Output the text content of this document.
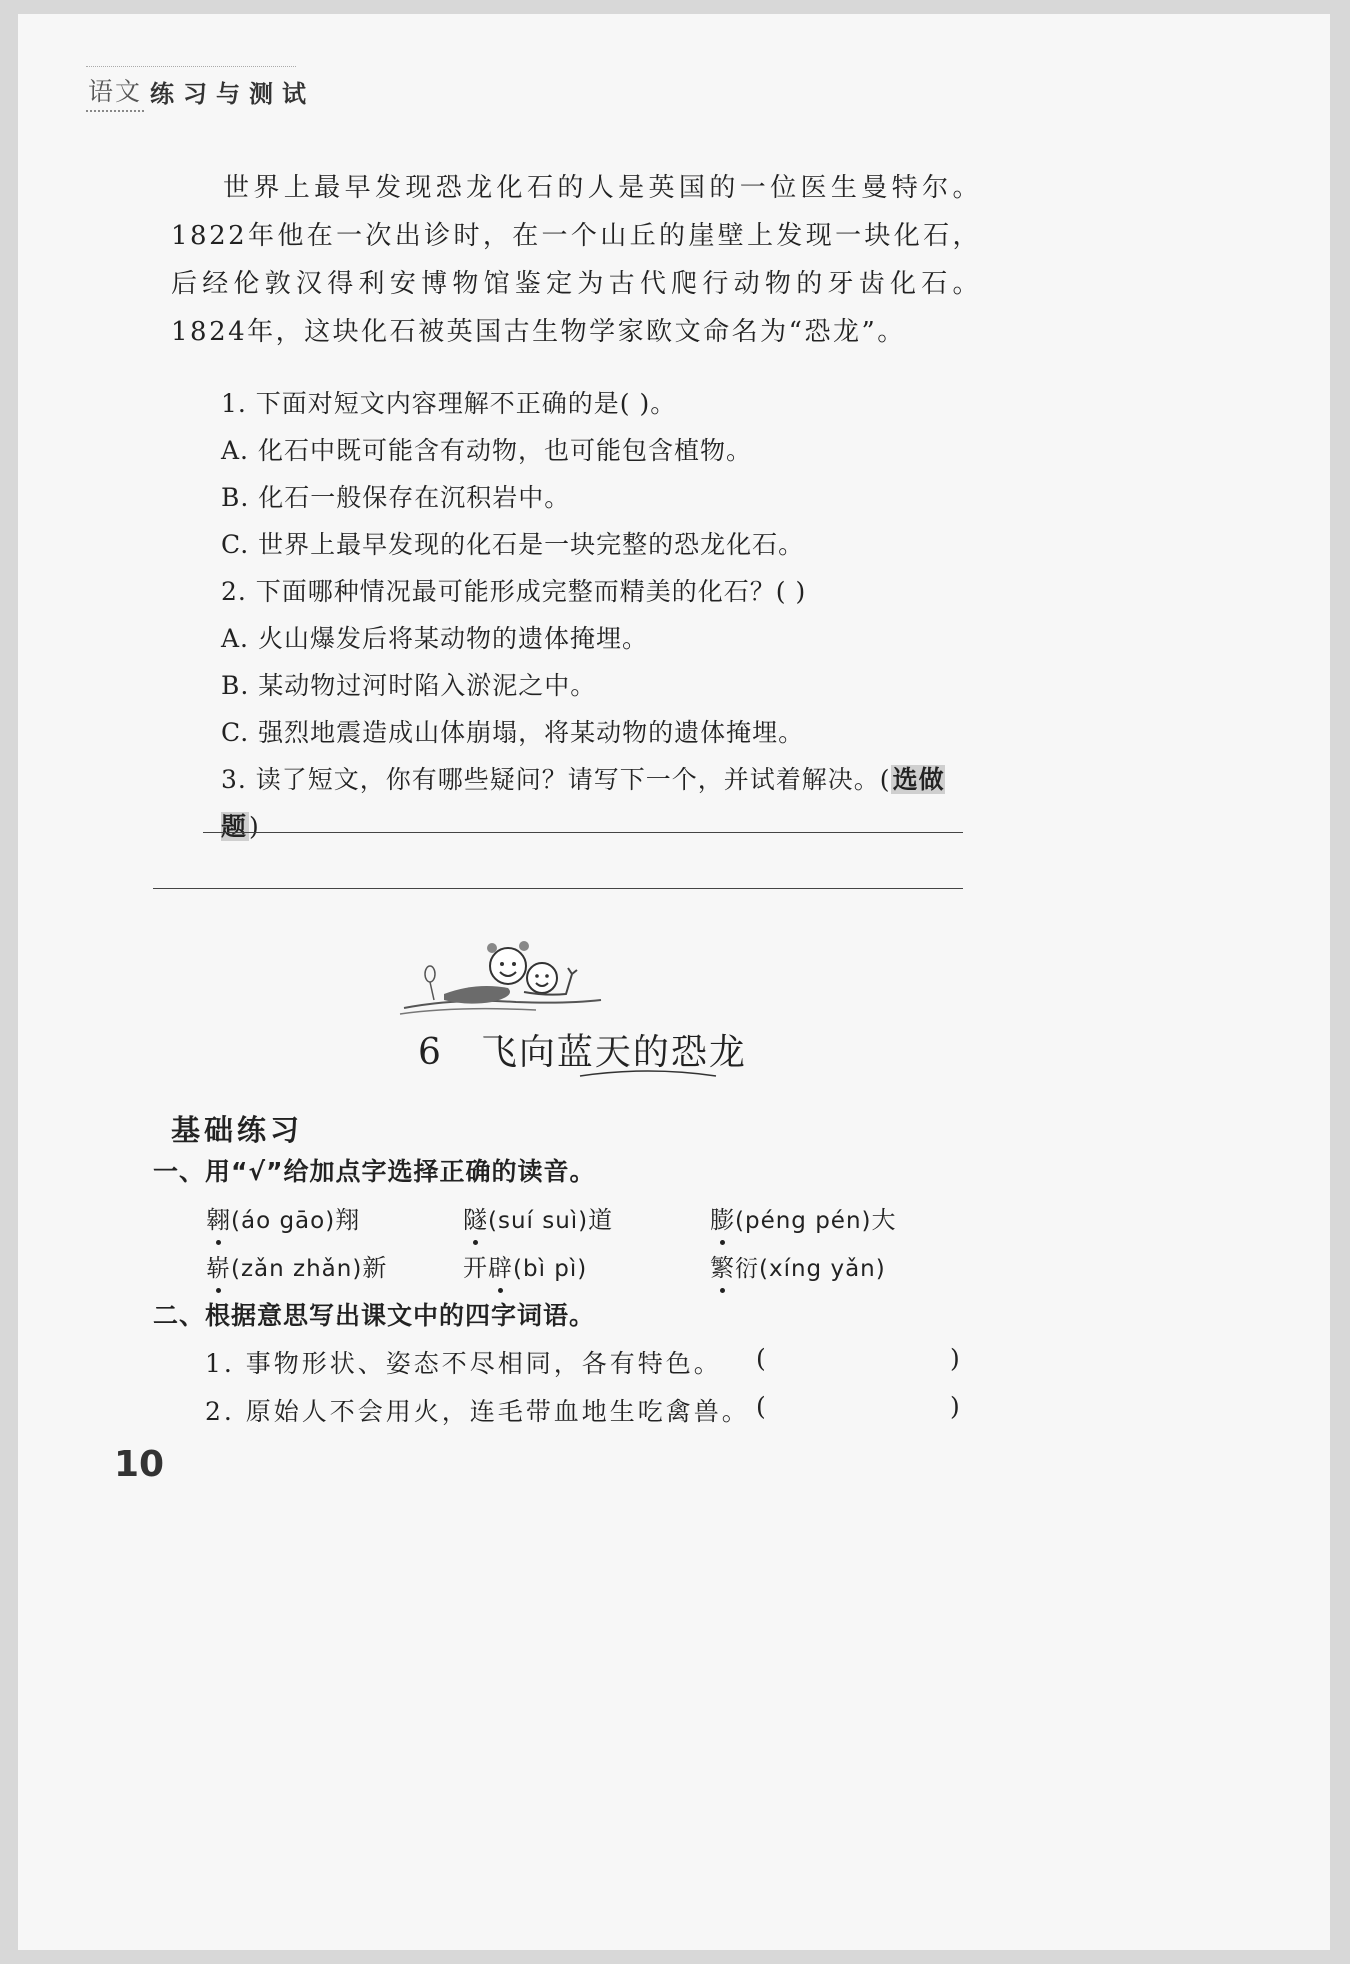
语文 练习与测试

世界上最早发现恐龙化石的人是英国的一位医生曼特尔。1822年他在一次出诊时，在一个山丘的崖壁上发现一块化石，后经伦敦汉得利安博物馆鉴定为古代爬行动物的牙齿化石。1824年，这块化石被英国古生物学家欧文命名为“恐龙”。

1. 下面对短文内容理解不正确的是( )。
A. 化石中既可能含有动物，也可能包含植物。
B. 化石一般保存在沉积岩中。
C. 世界上最早发现的化石是一块完整的恐龙化石。
2. 下面哪种情况最可能形成完整而精美的化石？( )
A. 火山爆发后将某动物的遗体掩埋。
B. 某动物过河时陷入淤泥之中。
C. 强烈地震造成山体崩塌，将某动物的遗体掩埋。
3. 读了短文，你有哪些疑问？请写下一个，并试着解决。(选做题)
6 飞向蓝天的恐龙
基础练习
一、用“√”给加点字选择正确的读音。
翱(áo gāo)翔	隧(suí suì)道	膨(péng pén)大
崭(zǎn zhǎn)新	开辟(bì pì)	繁衍(xíng yǎn)
二、根据意思写出课文中的四字词语。
1. 事物形状、姿态不尽相同，各有特色。 (	)
2. 原始人不会用火，连毛带血地生吃禽兽。 (	)
10
